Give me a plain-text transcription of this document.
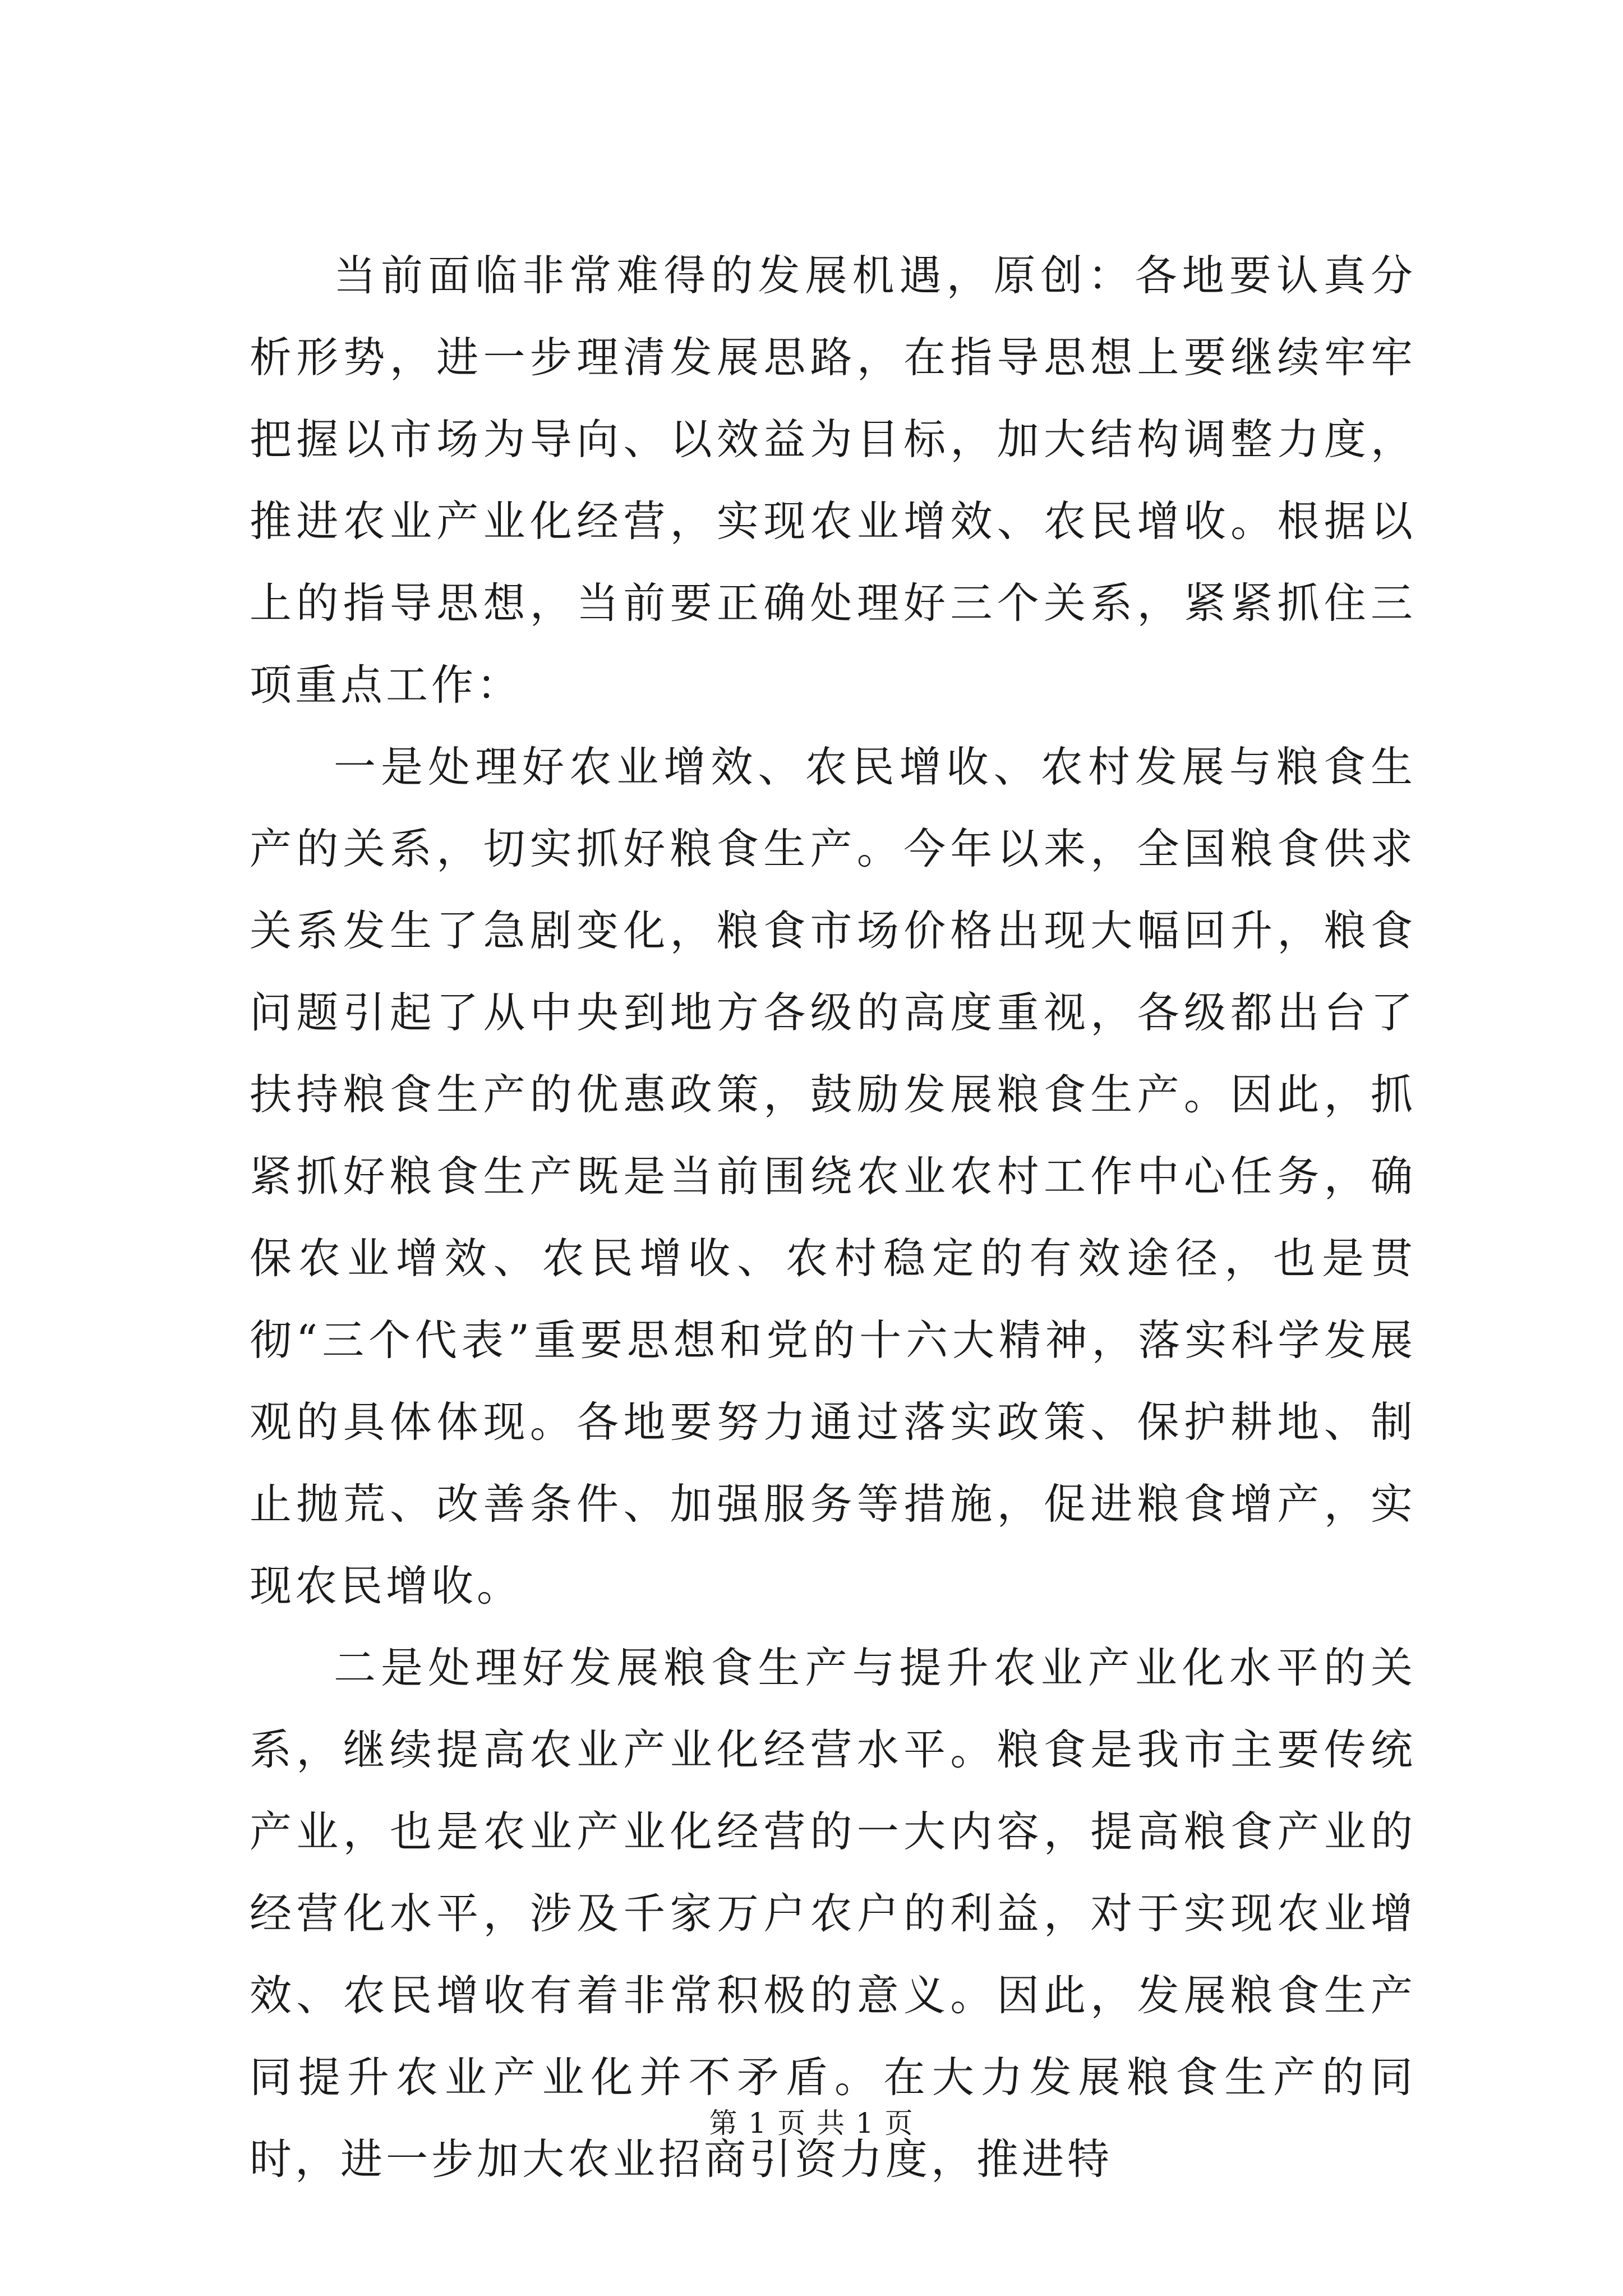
当前面临非常难得的发展机遇，原创：各地要认真分析形势，进一步理清发展思路，在指导思想上要继续牢牢把握以市场为导向、以效益为目标，加大结构调整力度，推进农业产业化经营，实现农业增效、农民增收。根据以上的指导思想，当前要正确处理好三个关系，紧紧抓住三项重点工作：

一是处理好农业增效、农民增收、农村发展与粮食生产的关系，切实抓好粮食生产。今年以来，全国粮食供求关系发生了急剧变化，粮食市场价格出现大幅回升，粮食问题引起了从中央到地方各级的高度重视，各级都出台了扶持粮食生产的优惠政策，鼓励发展粮食生产。因此，抓紧抓好粮食生产既是当前围绕农业农村工作中心任务，确保农业增效、农民增收、农村稳定的有效途径，也是贯彻“三个代表”重要思想和党的十六大精神，落实科学发展观的具体体现。各地要努力通过落实政策、保护耕地、制止抛荒、改善条件、加强服务等措施，促进粮食增产，实现农民增收。

二是处理好发展粮食生产与提升农业产业化水平的关系，继续提高农业产业化经营水平。粮食是我市主要传统产业，也是农业产业化经营的一大内容，提高粮食产业的经营化水平，涉及千家万户农户的利益，对于实现农业增效、农民增收有着非常积极的意义。因此，发展粮食生产同提升农业产业化并不矛盾。在大力发展粮食生产的同时，进一步加大农业招商引资力度，推进特

第 1 页 共 1 页
